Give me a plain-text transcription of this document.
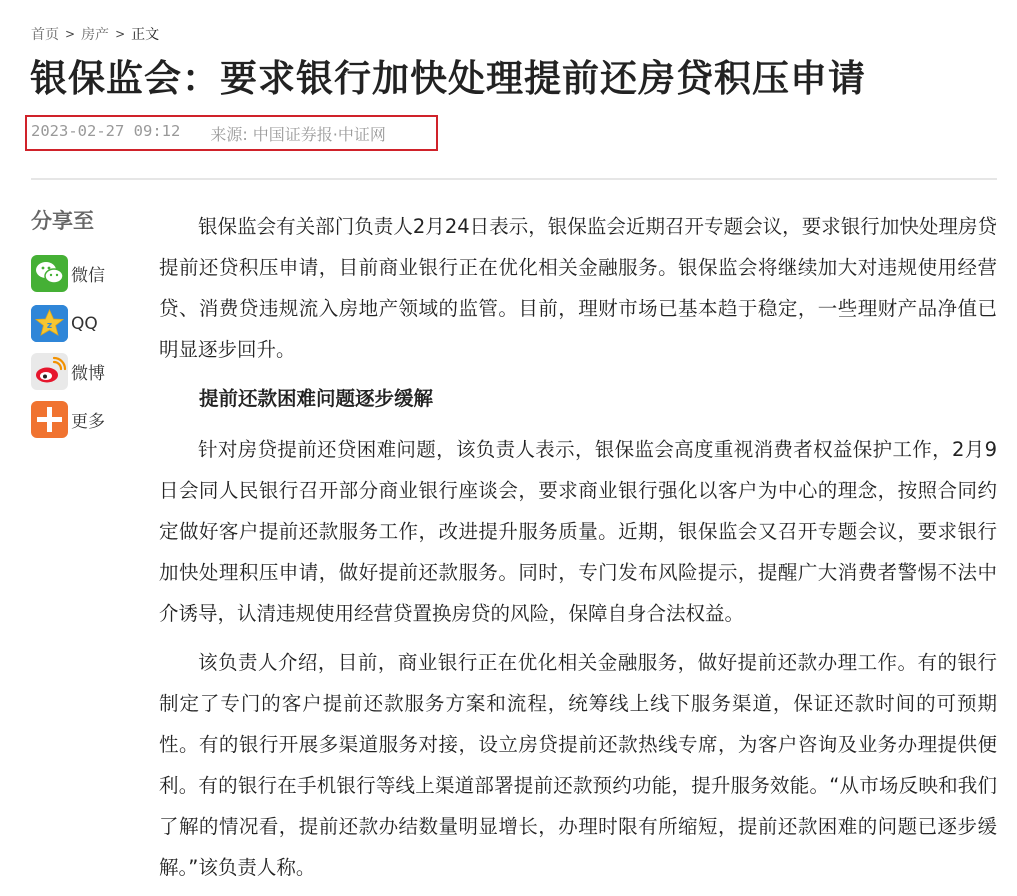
首页 > 房产 > 正文
银保监会：要求银行加快处理提前还房贷积压申请
2023-02-27 09:12 来源: 中国证券报·中证网
分享至
微信
z QQ
微博
更多

银保监会有关部门负责人2月24日表示，银保监会近期召开专题会议，要求银行加快处理房贷提前还贷积压申请，目前商业银行正在优化相关金融服务。银保监会将继续加大对违规使用经营贷、消费贷违规流入房地产领域的监管。目前，理财市场已基本趋于稳定，一些理财产品净值已明显逐步回升。

提前还款困难问题逐步缓解

针对房贷提前还贷困难问题，该负责人表示，银保监会高度重视消费者权益保护工作，2月9日会同人民银行召开部分商业银行座谈会，要求商业银行强化以客户为中心的理念，按照合同约定做好客户提前还款服务工作，改进提升服务质量。近期，银保监会又召开专题会议，要求银行加快处理积压申请，做好提前还款服务。同时，专门发布风险提示，提醒广大消费者警惕不法中介诱导，认清违规使用经营贷置换房贷的风险，保障自身合法权益。

该负责人介绍，目前，商业银行正在优化相关金融服务，做好提前还款办理工作。有的银行制定了专门的客户提前还款服务方案和流程，统筹线上线下服务渠道，保证还款时间的可预期性。有的银行开展多渠道服务对接，设立房贷提前还款热线专席，为客户咨询及业务办理提供便利。有的银行在手机银行等线上渠道部署提前还款预约功能，提升服务效能。“从市场反映和我们了解的情况看，提前还款办结数量明显增长，办理时限有所缩短，提前还款困难的问题已逐步缓解。”该负责人称。
